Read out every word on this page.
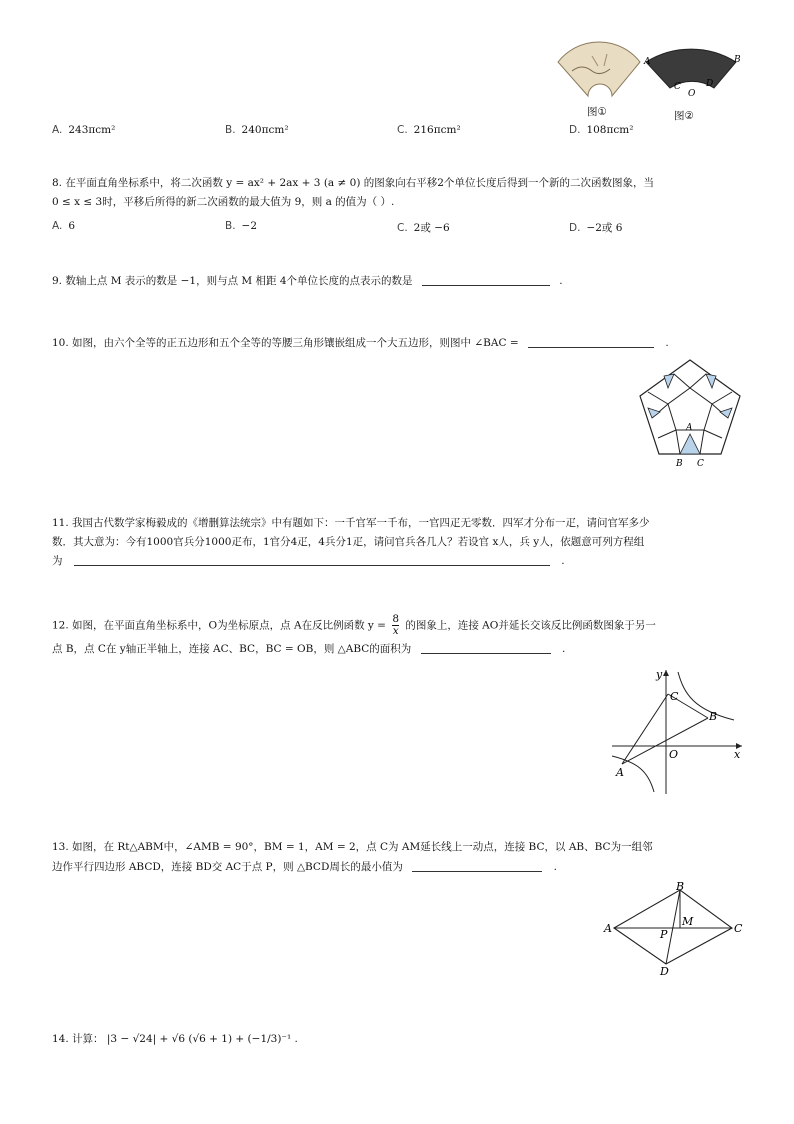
A	B
C	D
O
图①	图②
A. 243πcm²	B. 240πcm²	C. 216πcm²	D. 108πcm²
8. 在平面直角坐标系中，将二次函数 y = ax² + 2ax + 3 (a ≠ 0) 的图象向右平移2个单位长度后得到一个新的二次函数图象，当
0 ≤ x ≤ 3时，平移后所得的新二次函数的最大值为 9，则 a 的值为（ ）.
A. 6	B. −2	C. 2或 −6	D. −2或 6
9. 数轴上点 M 表示的数是 −1，则与点 M 相距 4个单位长度的点表示的数是	.
10. 如图，由六个全等的正五边形和五个全等的等腰三角形镶嵌组成一个大五边形，则图中 ∠BAC =	.
A
B C
11. 我国古代数学家梅毅成的《增删算法统宗》中有题如下：一千官军一千布，一官四疋无零数．四军才分布一疋，请问官军多少
数．其大意为：今有1000官兵分1000疋布，1官分4疋，4兵分1疋，请问官兵各几人？若设官 x人，兵 y人，依题意可列方程组
为	.
12. 如图，在平面直角坐标系中，O为坐标原点，点 A在反比例函数 $y = \frac{8}{x}$ 的图象上，连接 AO并延长交该反比例函数图象于另一
点 B，点 C在 y轴正半轴上，连接 AC、BC，BC = OB，则 △ABC的面积为	.
y
x
O
C
B
A
13. 如图，在 Rt△ABM中，∠AMB = 90°，BM = 1，AM = 2，点 C为 AM延长线上一动点，连接 BC，以 AB、BC为一组邻
边作平行四边形 ABCD，连接 BD交 AC于点 P，则 △BCD周长的最小值为	.
A
B
C
D
M
P
14. 计算： |3 − √24| + √6 (√6 + 1) + (−1/3)⁻¹ .
